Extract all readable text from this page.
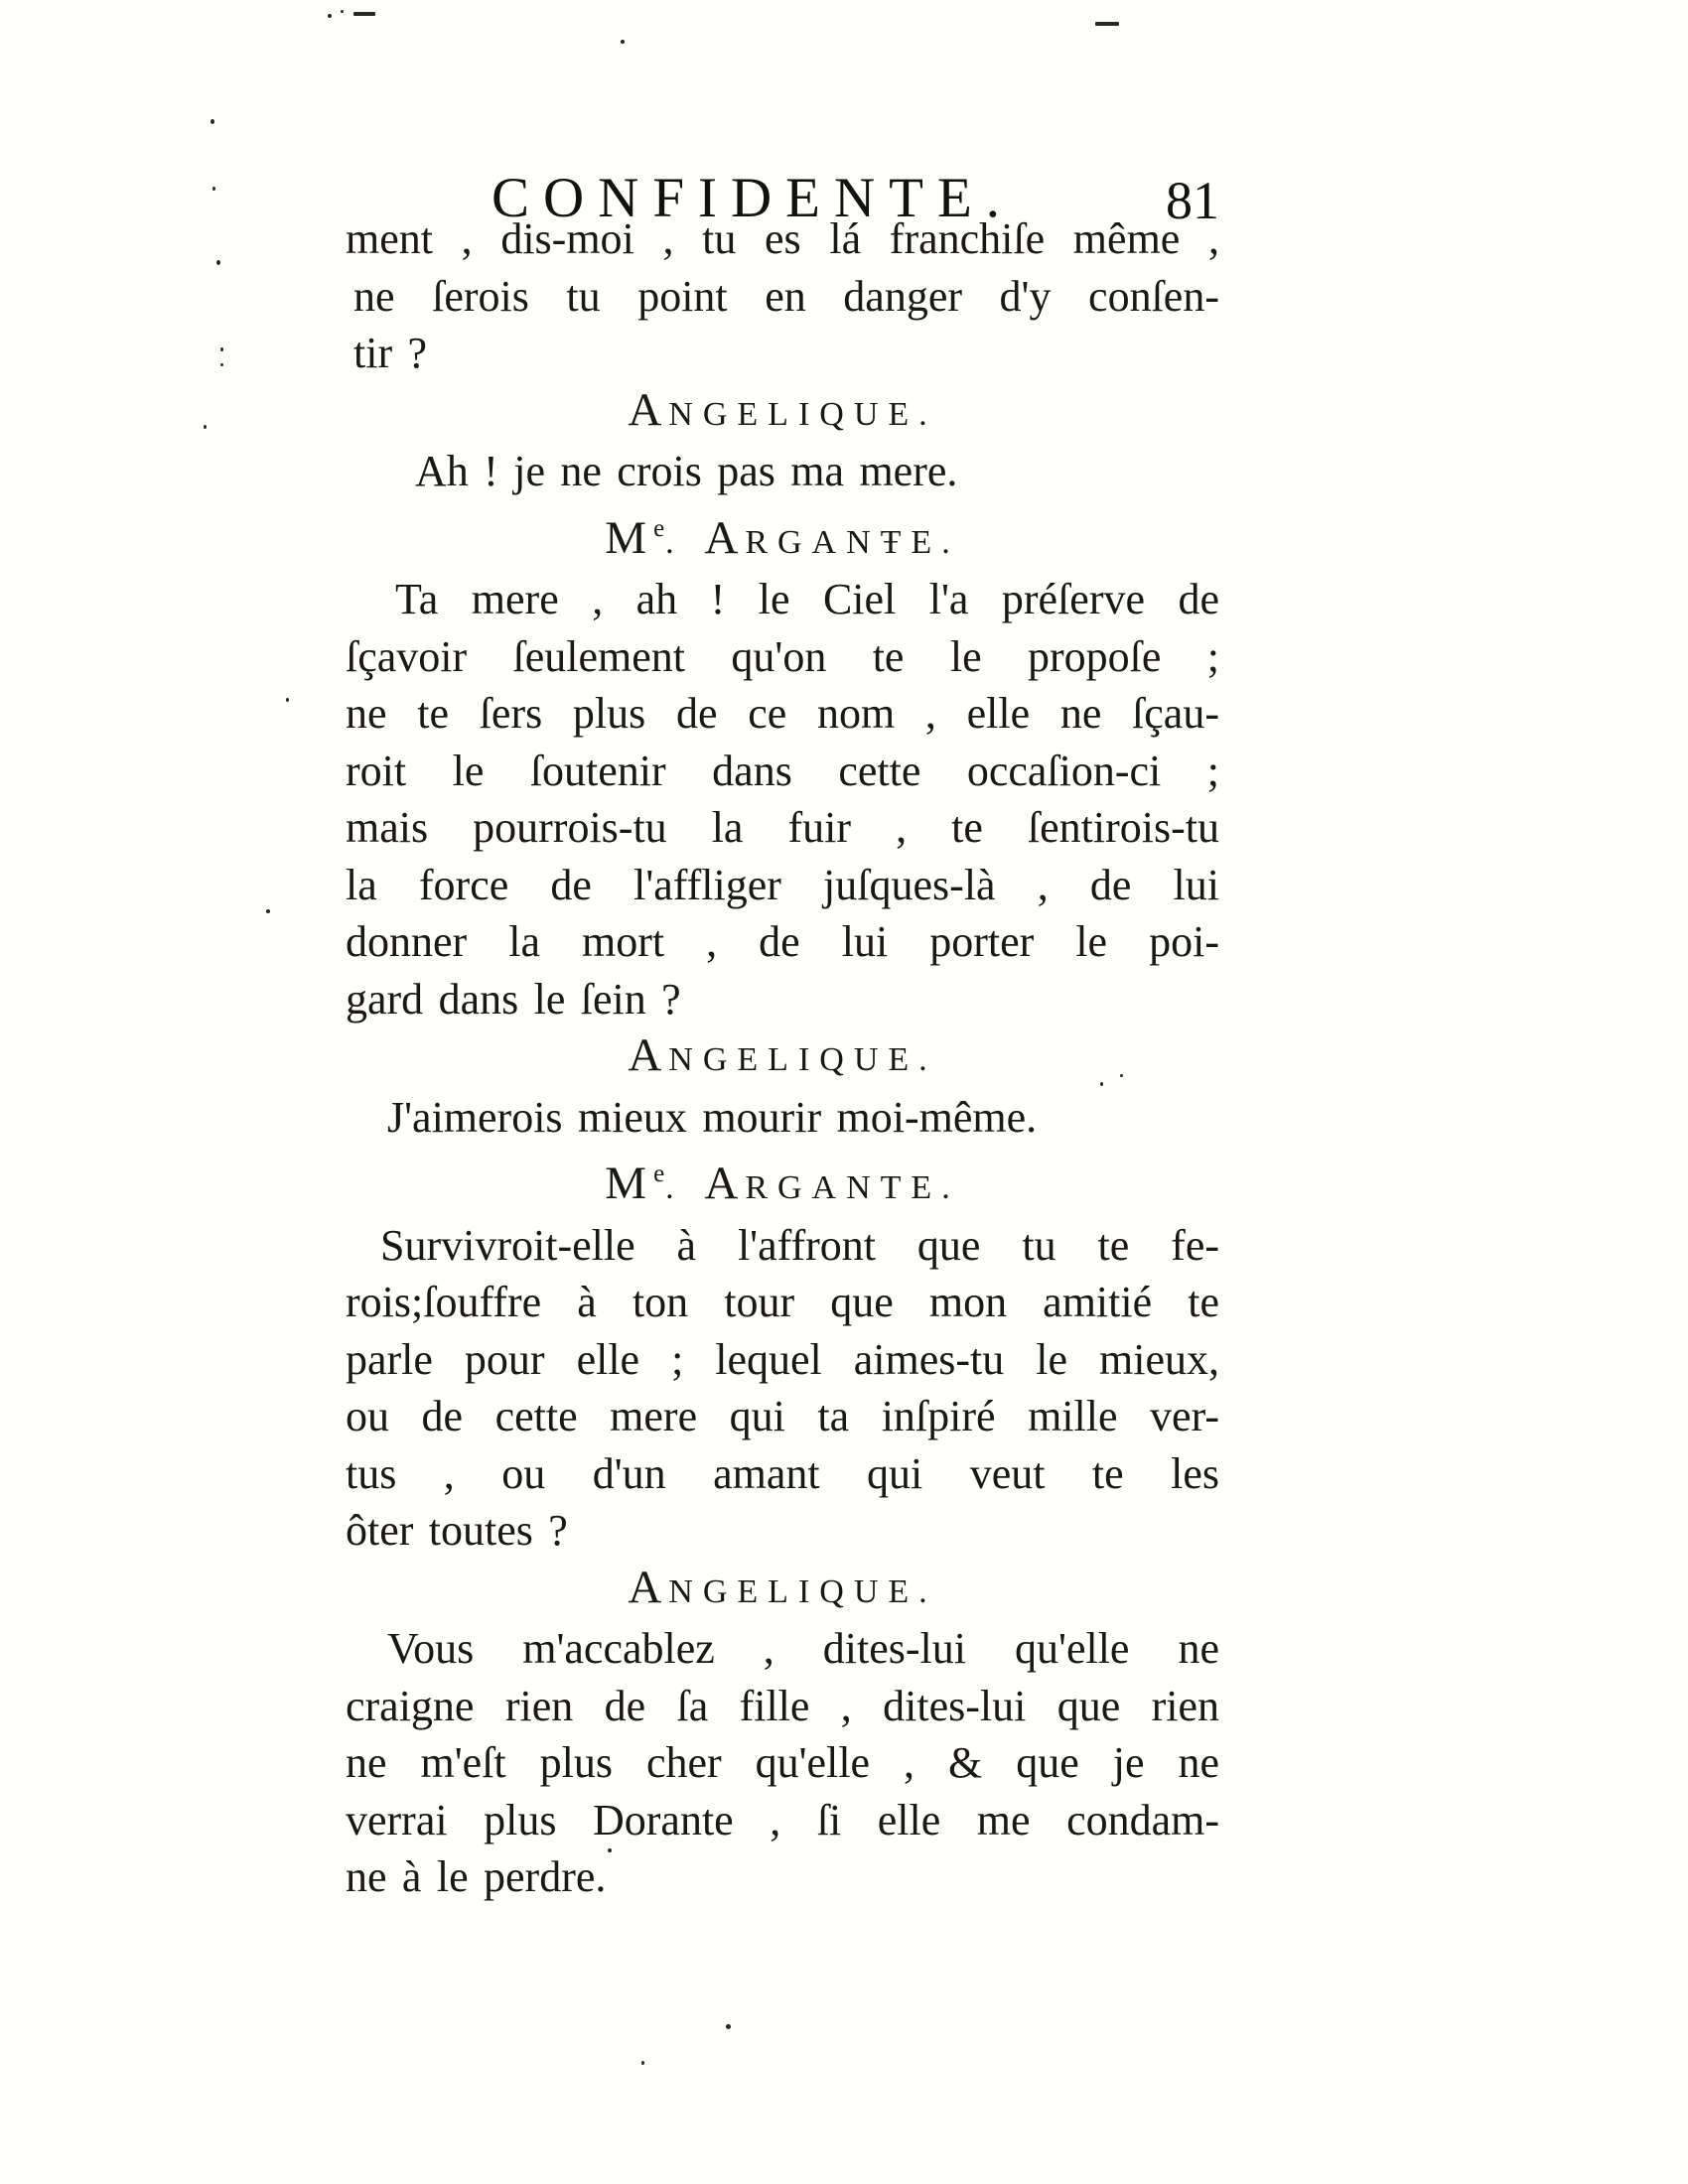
CONFIDENTE.	81
ment , dis-moi , tu es lá franchiſe même ,
ne ſerois tu point en danger d'y conſen-
tir ?
ANGELIQUE.
Ah ! je ne crois pas ma mere.
Me. ARGANŦE.
Ta mere , ah ! le Ciel l'a préſerve de
ſçavoir ſeulement qu'on te le propoſe ;
ne te ſers plus de ce nom , elle ne ſçau-
roit le ſoutenir dans cette occaſion-ci ;
mais pourrois-tu la fuir , te ſentirois-tu
la force de l'affliger juſques-là , de lui
donner la mort , de lui porter le poi-
gard dans le ſein ?
ANGELIQUE.
J'aimerois mieux mourir moi-même.
Me. ARGANTE.
Survivroit-elle à l'affront que tu te fe-
rois;ſouffre à ton tour que mon amitié te
parle pour elle ; lequel aimes-tu le mieux,
ou de cette mere qui ta inſpiré mille ver-
tus , ou d'un amant qui veut te les
ôter toutes ?
ANGELIQUE.
Vous m'accablez , dites-lui qu'elle ne
craigne rien de ſa fille , dites-lui que rien
ne m'eſt plus cher qu'elle , & que je ne
verrai plus Dorante , ſi elle me condam-
ne à le perdre.
